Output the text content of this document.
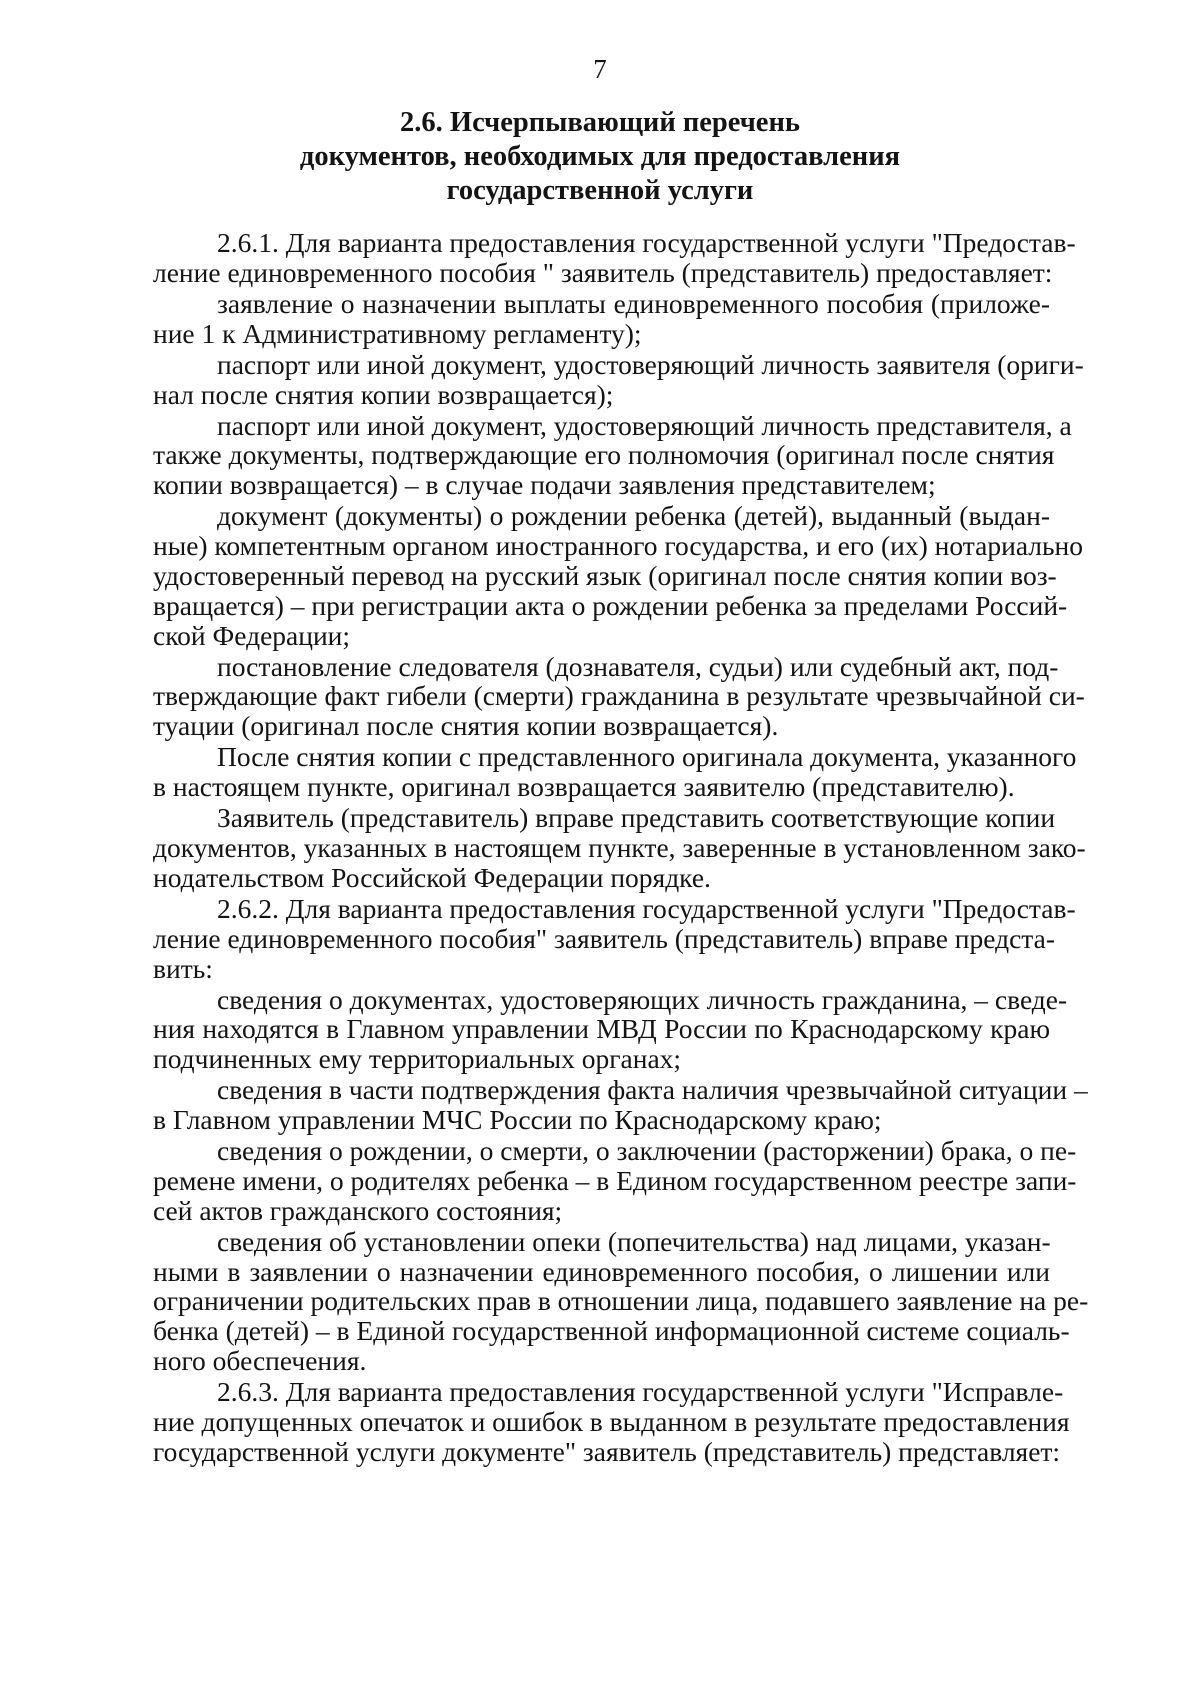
7
2.6. Исчерпывающий перечень
документов, необходимых для предоставления
государственной услуги
2.6.1. Для варианта предоставления государственной услуги "Предостав-
ление единовременного пособия " заявитель (представитель) предоставляет:
заявление о назначении выплаты единовременного пособия (приложе-
ние 1 к Административному регламенту);
паспорт или иной документ, удостоверяющий личность заявителя (ориги-
нал после снятия копии возвращается);
паспорт или иной документ, удостоверяющий личность представителя, а
также документы, подтверждающие его полномочия (оригинал после снятия
копии возвращается) – в случае подачи заявления представителем;
документ (документы) о рождении ребенка (детей), выданный (выдан-
ные) компетентным органом иностранного государства, и его (их) нотариально
удостоверенный перевод на русский язык (оригинал после снятия копии воз-
вращается) – при регистрации акта о рождении ребенка за пределами Россий-
ской Федерации;
постановление следователя (дознавателя, судьи) или судебный акт, под-
тверждающие факт гибели (смерти) гражданина в результате чрезвычайной си-
туации (оригинал после снятия копии возвращается).
После снятия копии с представленного оригинала документа, указанного
в настоящем пункте, оригинал возвращается заявителю (представителю).
Заявитель (представитель) вправе представить соответствующие копии
документов, указанных в настоящем пункте, заверенные в установленном зако-
нодательством Российской Федерации порядке.
2.6.2. Для варианта предоставления государственной услуги "Предостав-
ление единовременного пособия" заявитель (представитель) вправе предста-
вить:
сведения о документах, удостоверяющих личность гражданина, – сведе-
ния находятся в Главном управлении МВД России по Краснодарскому краю
подчиненных ему территориальных органах;
сведения в части подтверждения факта наличия чрезвычайной ситуации –
в Главном управлении МЧС России по Краснодарскому краю;
сведения о рождении, о смерти, о заключении (расторжении) брака, о пе-
ремене имени, о родителях ребенка – в Едином государственном реестре запи-
сей актов гражданского состояния;
сведения об установлении опеки (попечительства) над лицами, указан-
ными в заявлении о назначении единовременного пособия, о лишении или
ограничении родительских прав в отношении лица, подавшего заявление на ре-
бенка (детей) – в Единой государственной информационной системе социаль-
ного обеспечения.
2.6.3. Для варианта предоставления государственной услуги "Исправле-
ние допущенных опечаток и ошибок в выданном в результате предоставления
государственной услуги документе" заявитель (представитель) представляет:
